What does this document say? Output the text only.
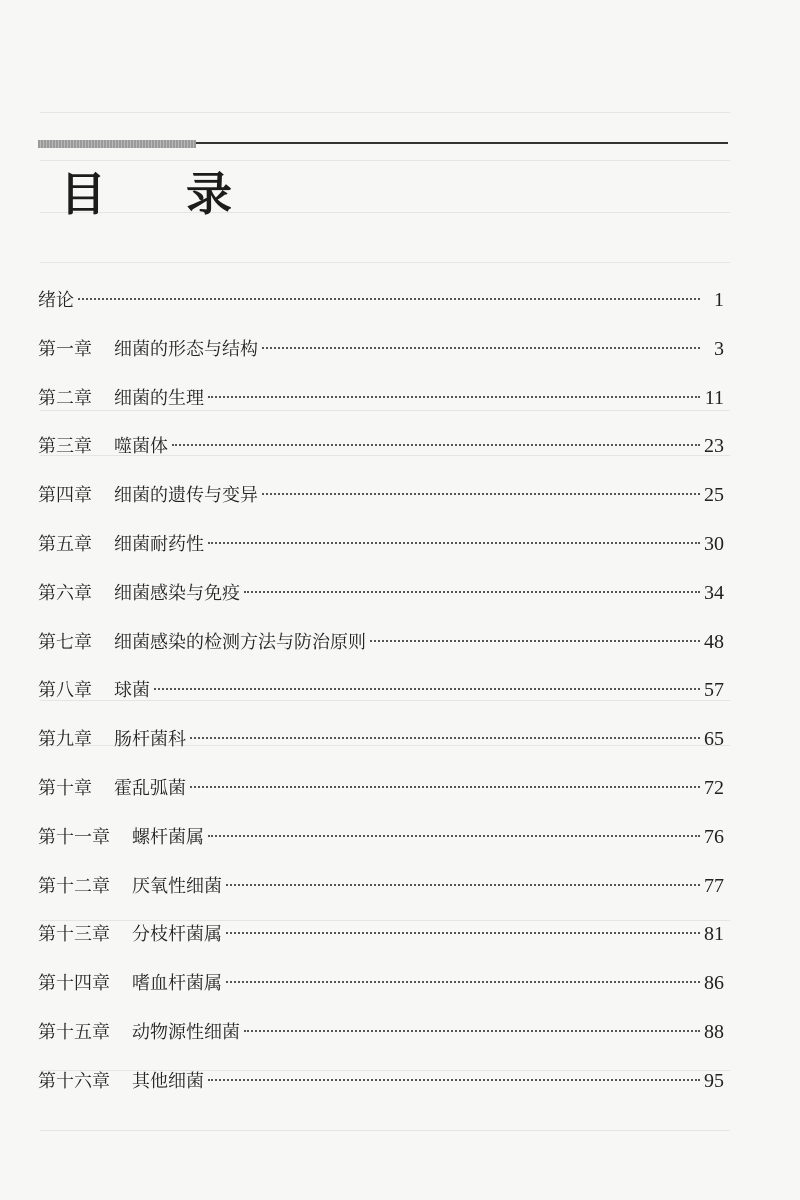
目 录
绪论	1
第一章 细菌的形态与结构	3
第二章 细菌的生理	11
第三章 噬菌体	23
第四章 细菌的遗传与变异	25
第五章 细菌耐药性	30
第六章 细菌感染与免疫	34
第七章 细菌感染的检测方法与防治原则	48
第八章 球菌	57
第九章 肠杆菌科	65
第十章 霍乱弧菌	72
第十一章 螺杆菌属	76
第十二章 厌氧性细菌	77
第十三章 分枝杆菌属	81
第十四章 嗜血杆菌属	86
第十五章 动物源性细菌	88
第十六章 其他细菌	95
